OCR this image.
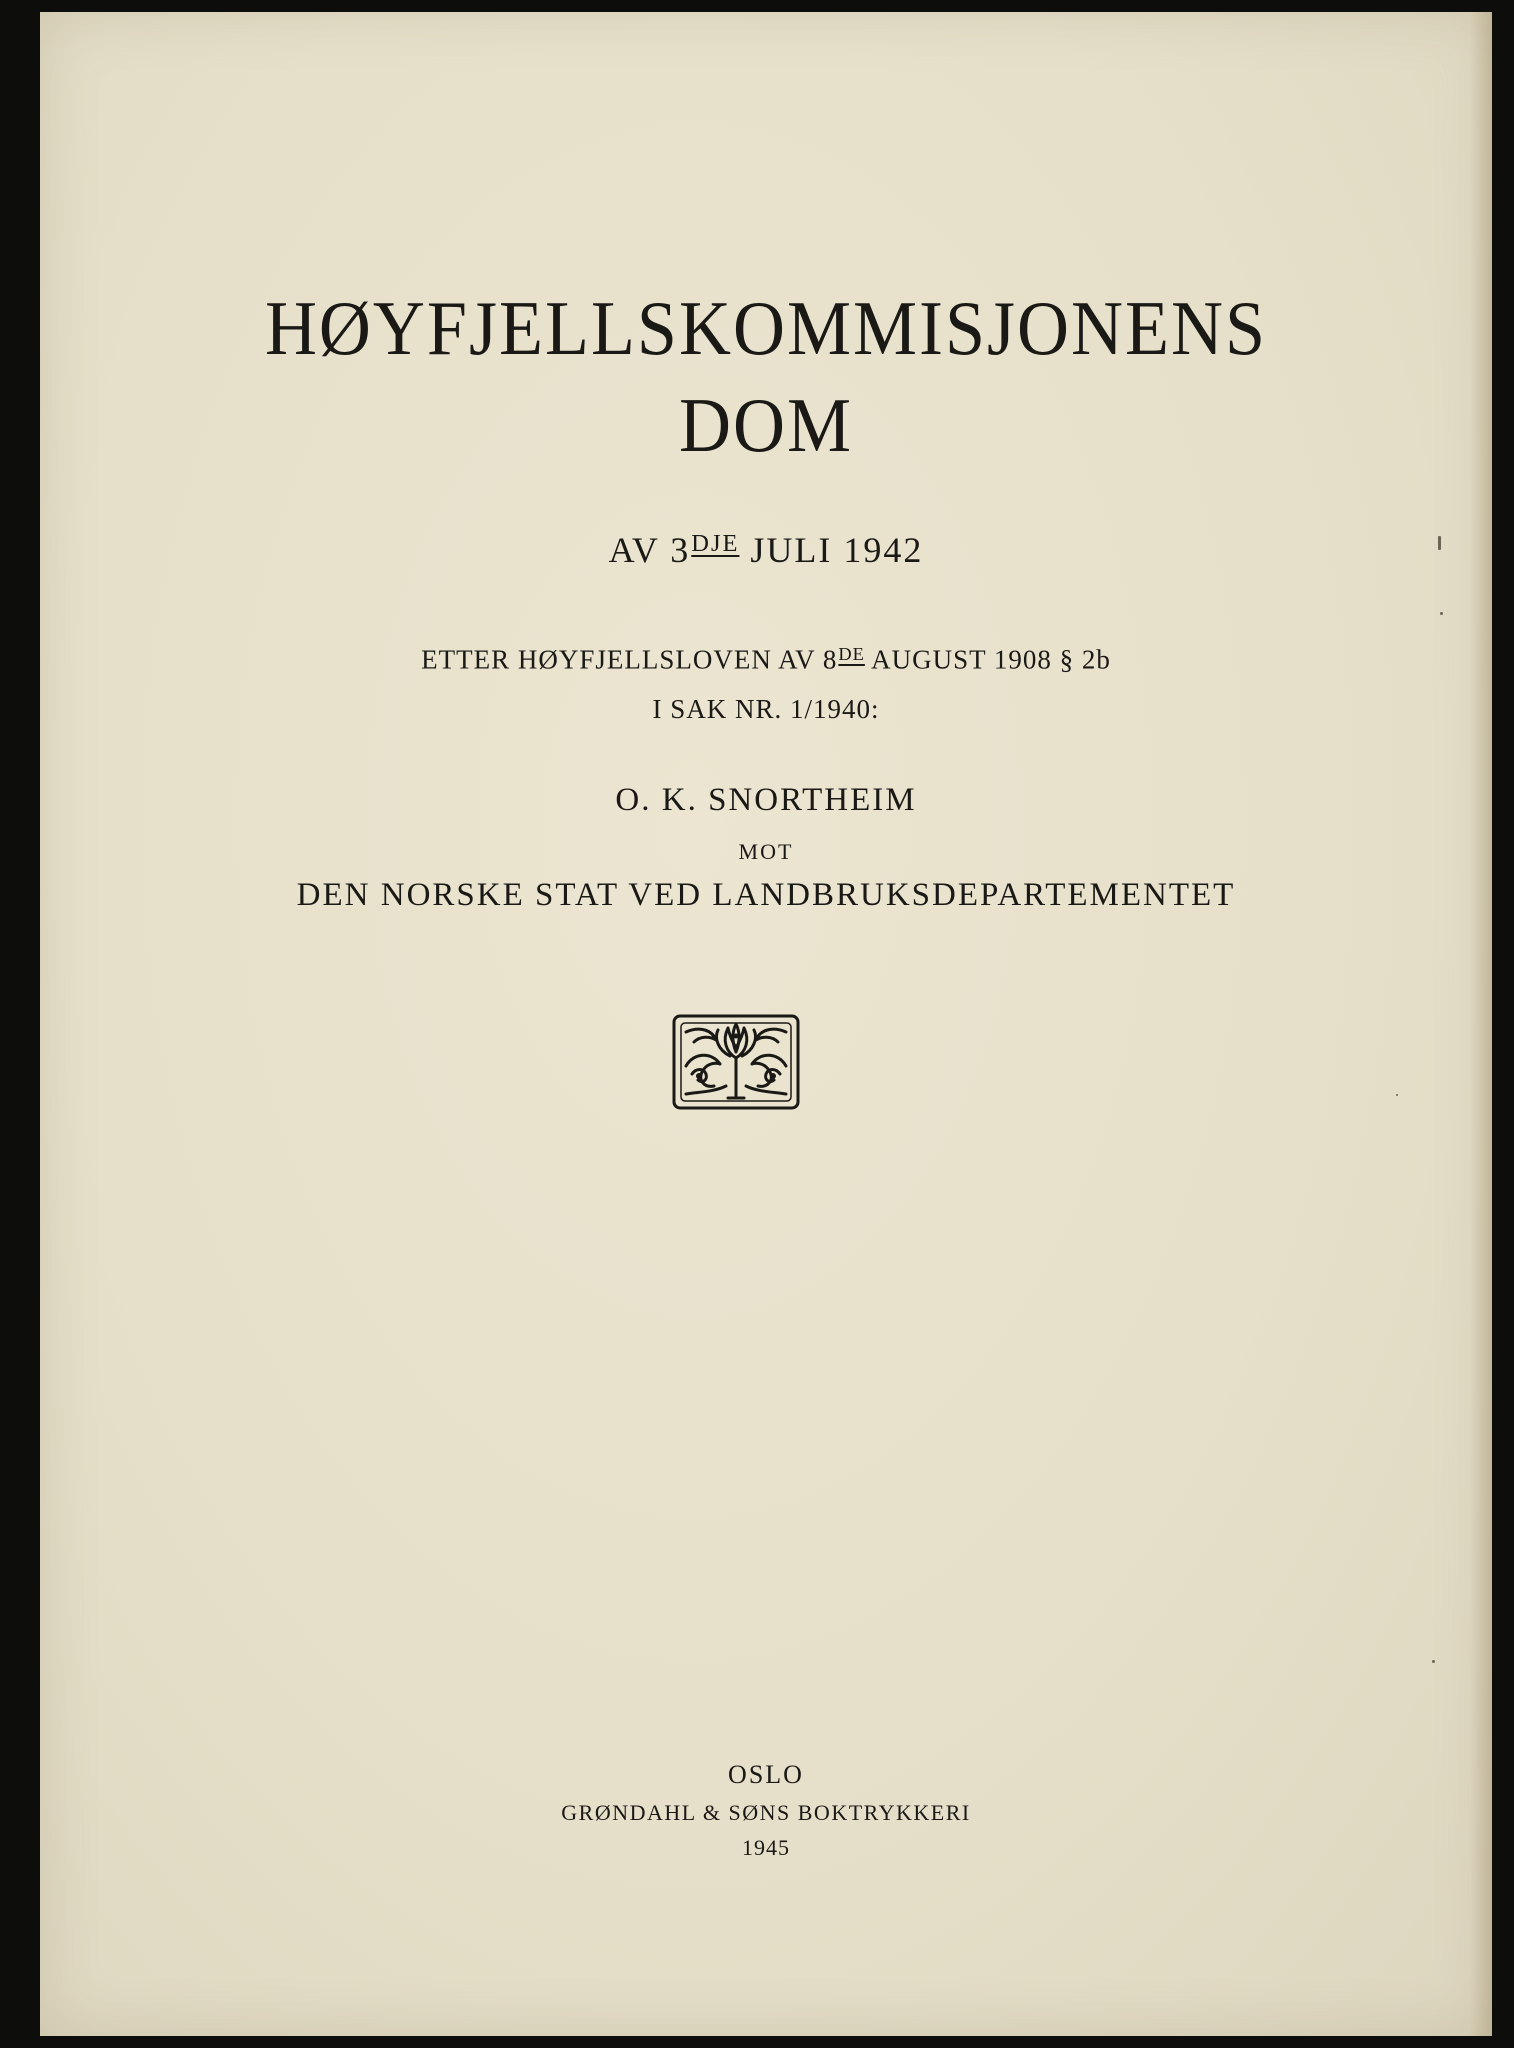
HØYFJELLSKOMMISJONENS
DOM
AV $3^{DJE}$ JULI 1942
ETTER HØYFJELLSLOVEN AV 8DE AUGUST 1908 § 2b
I SAK NR. 1/1940:
O. K. SNORTHEIM
MOT
DEN NORSKE STAT VED LANDBRUKSDEPARTEMENTET
OSLO
GRØNDAHL & SØNS BOKTRYKKERI
1945
